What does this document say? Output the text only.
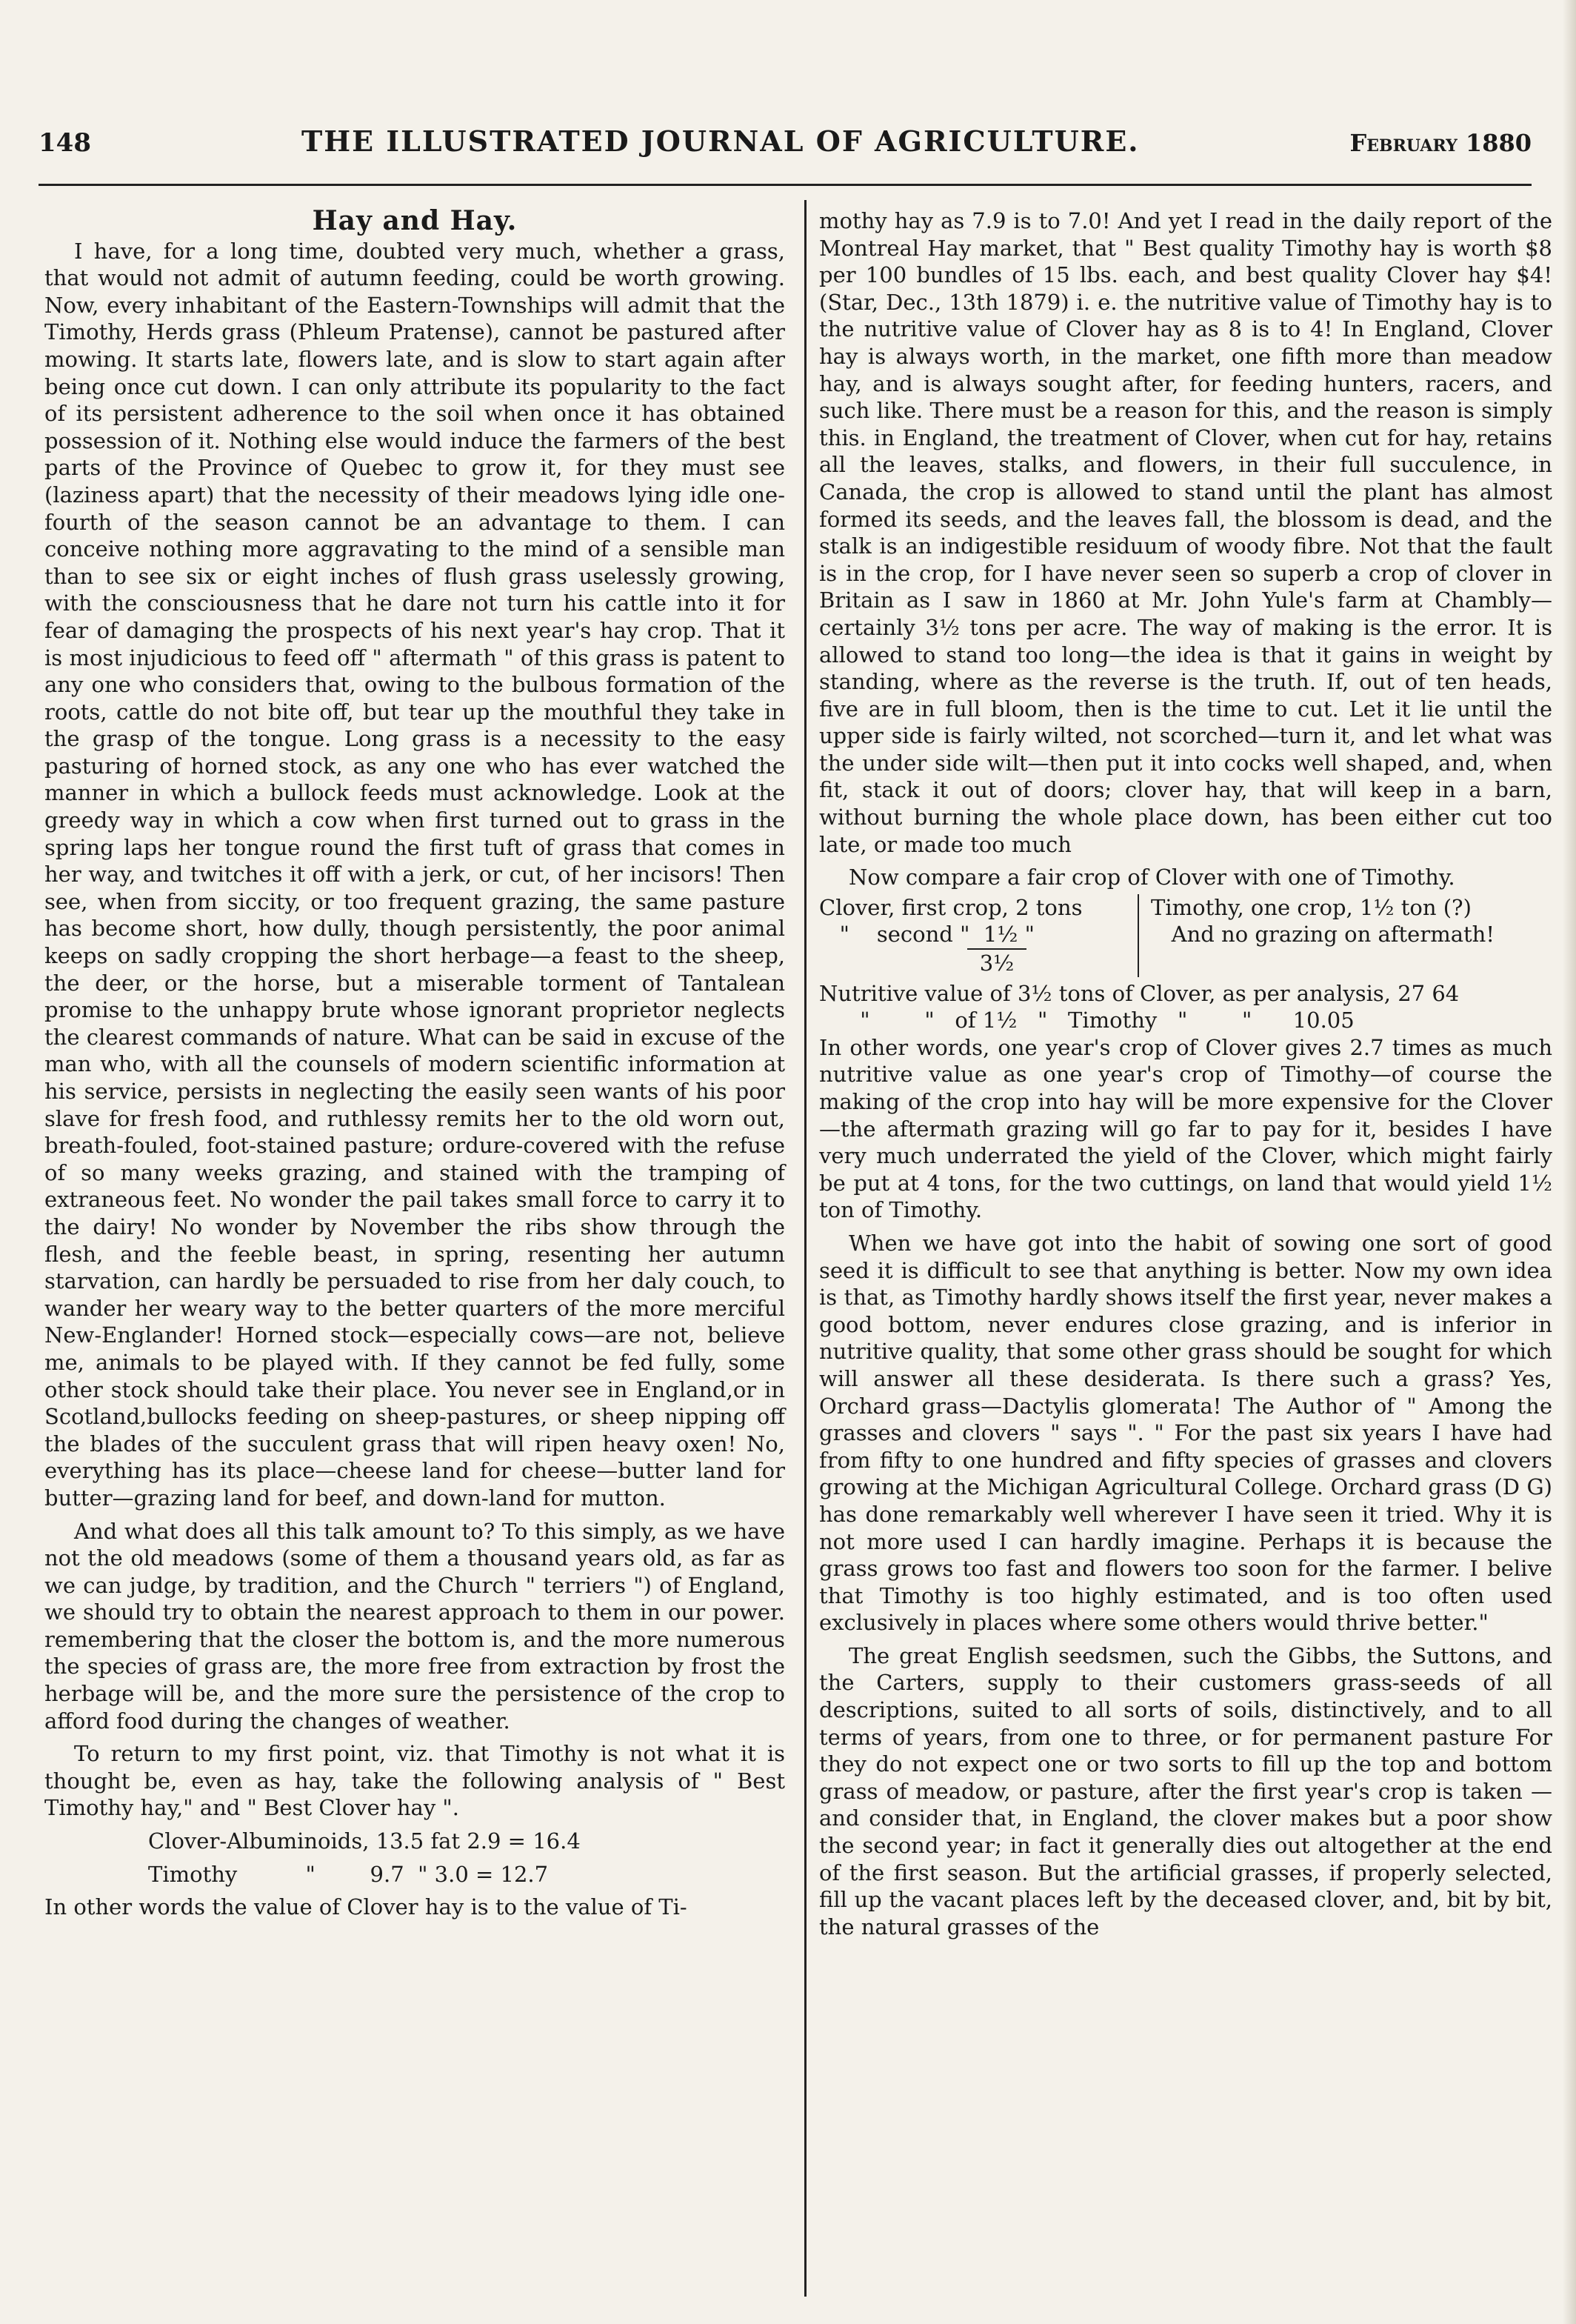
148	THE ILLUSTRATED JOURNAL OF AGRICULTURE.	February 1880
Hay and Hay.

I have, for a long time, doubted very much, whether a grass, that would not admit of autumn feeding, could be worth growing. Now, every inhabitant of the Eastern-Townships will admit that the Timothy, Herds grass (Phleum Pratense), cannot be pastured after mowing. It starts late, flowers late, and is slow to start again after being once cut down. I can only attribute its popularity to the fact of its persistent adherence to the soil when once it has obtained possession of it. Nothing else would induce the farmers of the best parts of the Province of Quebec to grow it, for they must see (laziness apart) that the necessity of their meadows lying idle one-fourth of the season cannot be an advantage to them. I can conceive nothing more aggravating to the mind of a sensible man than to see six or eight inches of flush grass uselessly growing, with the consciousness that he dare not turn his cattle into it for fear of damaging the prospects of his next year's hay crop. That it is most injudicious to feed off " aftermath " of this grass is patent to any one who considers that, owing to the bulbous formation of the roots, cattle do not bite off, but tear up the mouthful they take in the grasp of the tongue. Long grass is a necessity to the easy pasturing of horned stock, as any one who has ever watched the manner in which a bullock feeds must acknowledge. Look at the greedy way in which a cow when first turned out to grass in the spring laps her tongue round the first tuft of grass that comes in her way, and twitches it off with a jerk, or cut, of her incisors! Then see, when from siccity, or too frequent grazing, the same pasture has become short, how dully, though persistently, the poor animal keeps on sadly cropping the short herbage—a feast to the sheep, the deer, or the horse, but a miserable torment of Tantalean promise to the unhappy brute whose ignorant proprietor neglects the clearest commands of nature. What can be said in excuse of the man who, with all the counsels of modern scientific information at his service, persists in neglecting the easily seen wants of his poor slave for fresh food, and ruthlessy remits her to the old worn out, breath-fouled, foot-stained pasture; ordure-covered with the refuse of so many weeks grazing, and stained with the tramping of extraneous feet. No wonder the pail takes small force to carry it to the dairy! No wonder by November the ribs show through the flesh, and the feeble beast, in spring, resenting her autumn starvation, can hardly be persuaded to rise from her daly couch, to wander her weary way to the better quarters of the more merciful New-Englander! Horned stock—especially cows—are not, believe me, animals to be played with. If they cannot be fed fully, some other stock should take their place. You never see in England,or in Scotland,bullocks feeding on sheep-pastures, or sheep nipping off the blades of the succulent grass that will ripen heavy oxen! No, everything has its place—cheese land for cheese—butter land for butter—grazing land for beef, and down-land for mutton.

And what does all this talk amount to? To this simply, as we have not the old meadows (some of them a thousand years old, as far as we can judge, by tradition, and the Church " terriers ") of England, we should try to obtain the nearest approach to them in our power. remembering that the closer the bottom is, and the more numerous the species of grass are, the more free from extraction by frost the herbage will be, and the more sure the persistence of the crop to afford food during the changes of weather.

To return to my first point, viz. that Timothy is not what it is thought be, even as hay, take the following analysis of " Best Timothy hay," and " Best Clover hay ".

Clover-Albuminoids, 13.5 fat 2.9 = 16.4

Timothy          "        9.7  " 3.0 = 12.7

In other words the value of Clover hay is to the value of Ti-

mothy hay as 7.9 is to 7.0! And yet I read in the daily report of the Montreal Hay market, that " Best quality Timothy hay is worth $8 per 100 bundles of 15 lbs. each, and best quality Clover hay $4! (Star, Dec., 13th 1879) i. e. the nutritive value of Timothy hay is to the nutritive value of Clover hay as 8 is to 4! In England, Clover hay is always worth, in the market, one fifth more than meadow hay, and is always sought after, for feeding hunters, racers, and such like. There must be a reason for this, and the reason is simply this. in England, the treatment of Clover, when cut for hay, retains all the leaves, stalks, and flowers, in their full succulence, in Canada, the crop is allowed to stand until the plant has almost formed its seeds, and the leaves fall, the blossom is dead, and the stalk is an indigestible residuum of woody fibre. Not that the fault is in the crop, for I have never seen so superb a crop of clover in Britain as I saw in 1860 at Mr. John Yule's farm at Chambly—certainly 3½ tons per acre. The way of making is the error. It is allowed to stand too long—the idea is that it gains in weight by standing, where as the reverse is the truth. If, out of ten heads, five are in full bloom, then is the time to cut. Let it lie until the upper side is fairly wilted, not scorched—turn it, and let what was the under side wilt—then put it into cocks well shaped, and, when fit, stack it out of doors; clover hay, that will keep in a barn, without burning the whole place down, has been either cut too late, or made too much

Now compare a fair crop of Clover with one of Timothy.

Clover, first crop, 2 tons
"    second "  1½ "
3½
Timothy, one crop, 1½ ton (?)
And no grazing on aftermath!
Nutritive value of 3½ tons of Clover, as per analysis, 27 64
"        "   of 1½   "   Timothy   "        "      10.05

In other words, one year's crop of Clover gives 2.7 times as much nutritive value as one year's crop of Timothy—of course the making of the crop into hay will be more expensive for the Clover—the aftermath grazing will go far to pay for it, besides I have very much underrated the yield of the Clover, which might fairly be put at 4 tons, for the two cuttings, on land that would yield 1½ ton of Timothy.

When we have got into the habit of sowing one sort of good seed it is difficult to see that anything is better. Now my own idea is that, as Timothy hardly shows itself the first year, never makes a good bottom, never endures close grazing, and is inferior in nutritive quality, that some other grass should be sought for which will answer all these desiderata. Is there such a grass? Yes, Orchard grass—Dactylis glomerata! The Author of " Among the grasses and clovers " says ". " For the past six years I have had from fifty to one hundred and fifty species of grasses and clovers growing at the Michigan Agricultural College. Orchard grass (D G) has done remarkably well wherever I have seen it tried. Why it is not more used I can hardly imagine. Perhaps it is because the grass grows too fast and flowers too soon for the farmer. I belive that Timothy is too highly estimated, and is too often used exclusively in places where some others would thrive better."

The great English seedsmen, such the Gibbs, the Suttons, and the Carters, supply to their customers grass-seeds of all descriptions, suited to all sorts of soils, distinctively, and to all terms of years, from one to three, or for permanent pasture For they do not expect one or two sorts to fill up the top and bottom grass of meadow, or pasture, after the first year's crop is taken — and consider that, in England, the clover makes but a poor show the second year; in fact it generally dies out altogether at the end of the first season. But the artificial grasses, if properly selected, fill up the vacant places left by the deceased clover, and, bit by bit, the natural grasses of the
